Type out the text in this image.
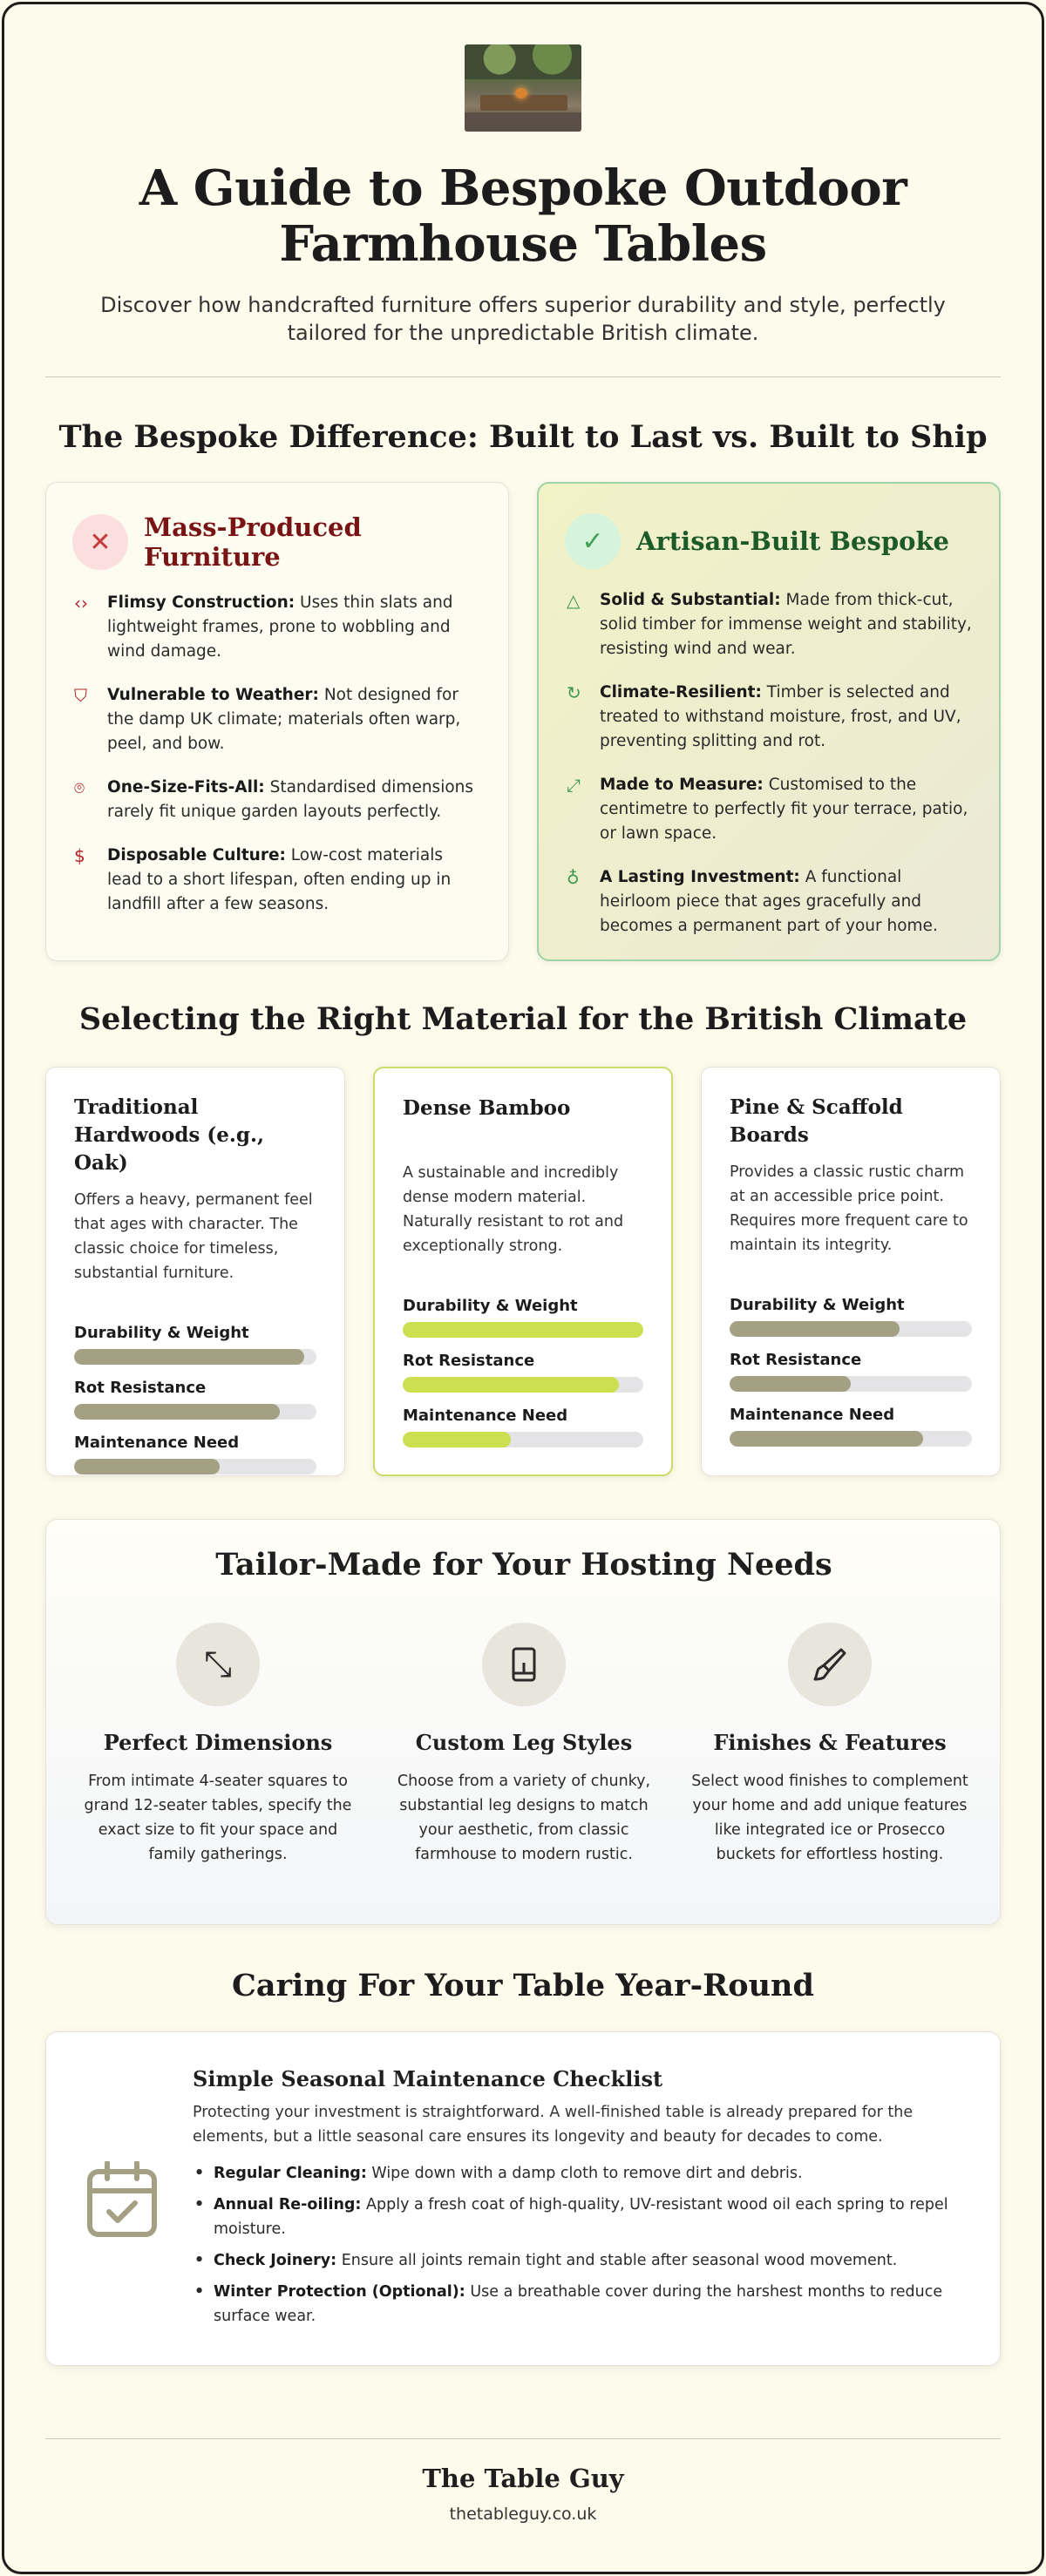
A Guide to Bespoke Outdoor Farmhouse Tables

Discover how handcrafted furniture offers superior durability and style, perfectly tailored for the unpredictable British climate.

The Bespoke Difference: Built to Last vs. Built to Ship
✕	Mass-Produced Furniture
‹›	Flimsy Construction: Uses thin slats and lightweight frames, prone to wobbling and wind damage.

⛉	Vulnerable to Weather: Not designed for the damp UK climate; materials often warp, peel, and bow.

⌾	One-Size-Fits-All: Standardised dimensions rarely fit unique garden layouts perfectly.

$	Disposable Culture: Low-cost materials lead to a short lifespan, often ending up in landfill after a few seasons.

✓	Artisan-Built Bespoke
△	Solid & Substantial: Made from thick-cut, solid timber for immense weight and stability, resisting wind and wear.

↻	Climate-Resilient: Timber is selected and treated to withstand moisture, frost, and UV, preventing splitting and rot.

⤢	Made to Measure: Customised to the centimetre to perfectly fit your terrace, patio, or lawn space.

♁	A Lasting Investment: A functional heirloom piece that ages gracefully and becomes a permanent part of your home.

Selecting the Right Material for the British Climate
Traditional Hardwoods (e.g., Oak)

Offers a heavy, permanent feel that ages with character. The classic choice for timeless, substantial furniture.

Durability & Weight
Rot Resistance
Maintenance Need
Dense Bamboo

A sustainable and incredibly dense modern material. Naturally resistant to rot and exceptionally strong.

Durability & Weight
Rot Resistance
Maintenance Need
Pine & Scaffold Boards

Provides a classic rustic charm at an accessible price point. Requires more frequent care to maintain its integrity.

Durability & Weight
Rot Resistance
Maintenance Need
Tailor-Made for Your Hosting Needs
⤡
Perfect Dimensions

From intimate 4-seater squares to grand 12-seater tables, specify the exact size to fit your space and family gatherings.

Custom Leg Styles

Choose from a variety of chunky, substantial leg designs to match your aesthetic, from classic farmhouse to modern rustic.

Finishes & Features

Select wood finishes to complement your home and add unique features like integrated ice or Prosecco buckets for effortless hosting.

Caring For Your Table Year-Round
Simple Seasonal Maintenance Checklist

Protecting your investment is straightforward. A well-finished table is already prepared for the elements, but a little seasonal care ensures its longevity and beauty for decades to come.

• Regular Cleaning: Wipe down with a damp cloth to remove dirt and debris.
• Annual Re-oiling: Apply a fresh coat of high-quality, UV-resistant wood oil each spring to repel moisture.
• Check Joinery: Ensure all joints remain tight and stable after seasonal wood movement.
• Winter Protection (Optional): Use a breathable cover during the harshest months to reduce surface wear.
The Table Guy
thetableguy.co.uk
